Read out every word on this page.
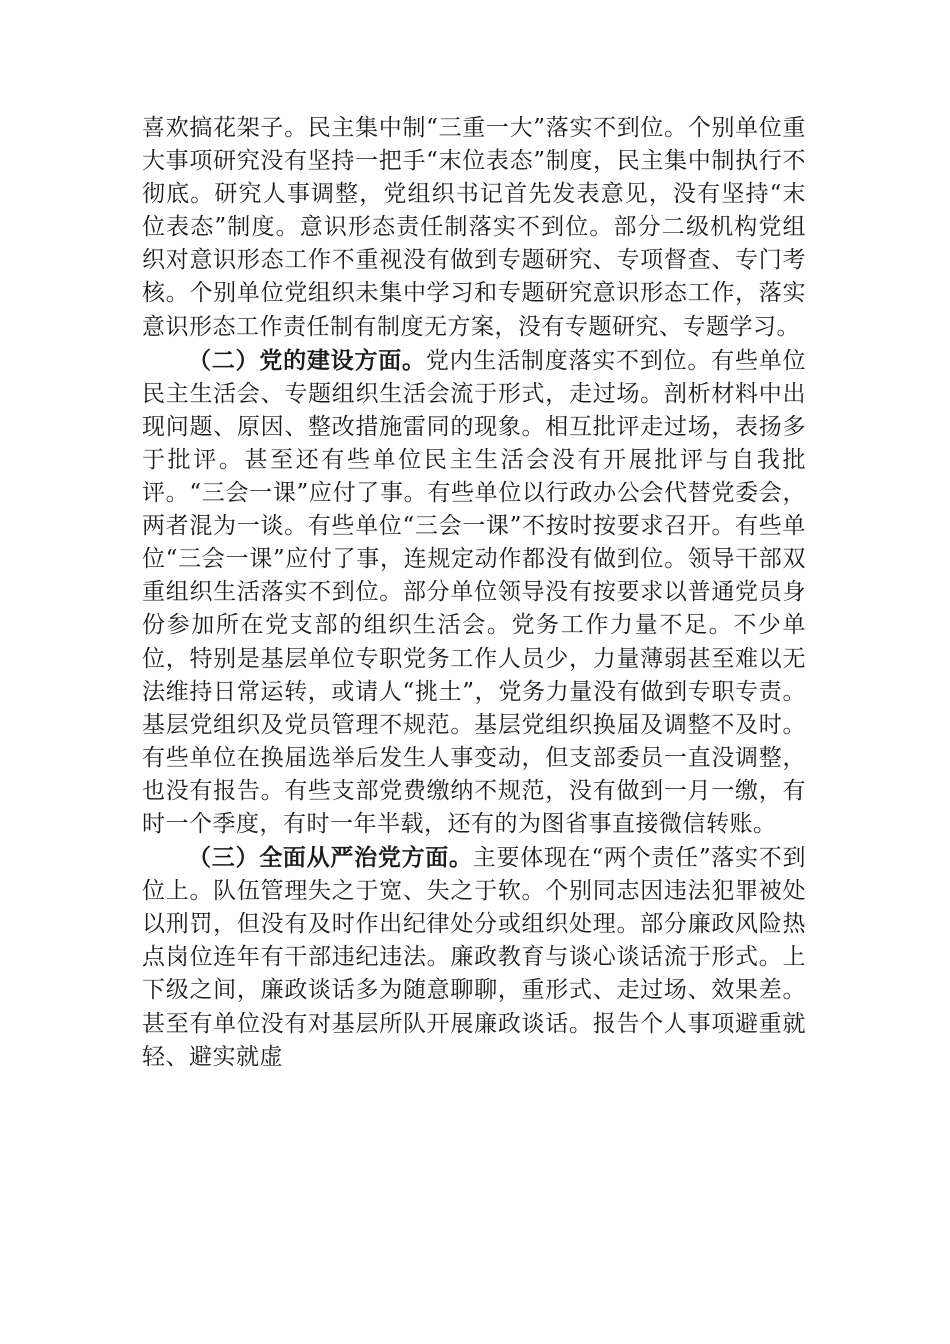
喜欢搞花架子。民主集中制“三重一大”落实不到位。个别单位重大事项研究没有坚持一把手“末位表态”制度，民主集中制执行不彻底。研究人事调整，党组织书记首先发表意见，没有坚持“末位表态”制度。意识形态责任制落实不到位。部分二级机构党组织对意识形态工作不重视没有做到专题研究、专项督查、专门考核。个别单位党组织未集中学习和专题研究意识形态工作，落实意识形态工作责任制有制度无方案，没有专题研究、专题学习。

（二）党的建设方面。党内生活制度落实不到位。有些单位民主生活会、专题组织生活会流于形式，走过场。剖析材料中出现问题、原因、整改措施雷同的现象。相互批评走过场，表扬多于批评。甚至还有些单位民主生活会没有开展批评与自我批评。“三会一课”应付了事。有些单位以行政办公会代替党委会，两者混为一谈。有些单位“三会一课”不按时按要求召开。有些单位“三会一课”应付了事，连规定动作都没有做到位。领导干部双重组织生活落实不到位。部分单位领导没有按要求以普通党员身份参加所在党支部的组织生活会。党务工作力量不足。不少单位，特别是基层单位专职党务工作人员少，力量薄弱甚至难以无法维持日常运转，或请人“挑土”，党务力量没有做到专职专责。基层党组织及党员管理不规范。基层党组织换届及调整不及时。有些单位在换届选举后发生人事变动，但支部委员一直没调整，也没有报告。有些支部党费缴纳不规范，没有做到一月一缴，有时一个季度，有时一年半载，还有的为图省事直接微信转账。

（三）全面从严治党方面。主要体现在“两个责任”落实不到位上。队伍管理失之于宽、失之于软。个别同志因违法犯罪被处以刑罚，但没有及时作出纪律处分或组织处理。部分廉政风险热点岗位连年有干部违纪违法。廉政教育与谈心谈话流于形式。上下级之间，廉政谈话多为随意聊聊，重形式、走过场、效果差。甚至有单位没有对基层所队开展廉政谈话。报告个人事项避重就轻、避实就虚
